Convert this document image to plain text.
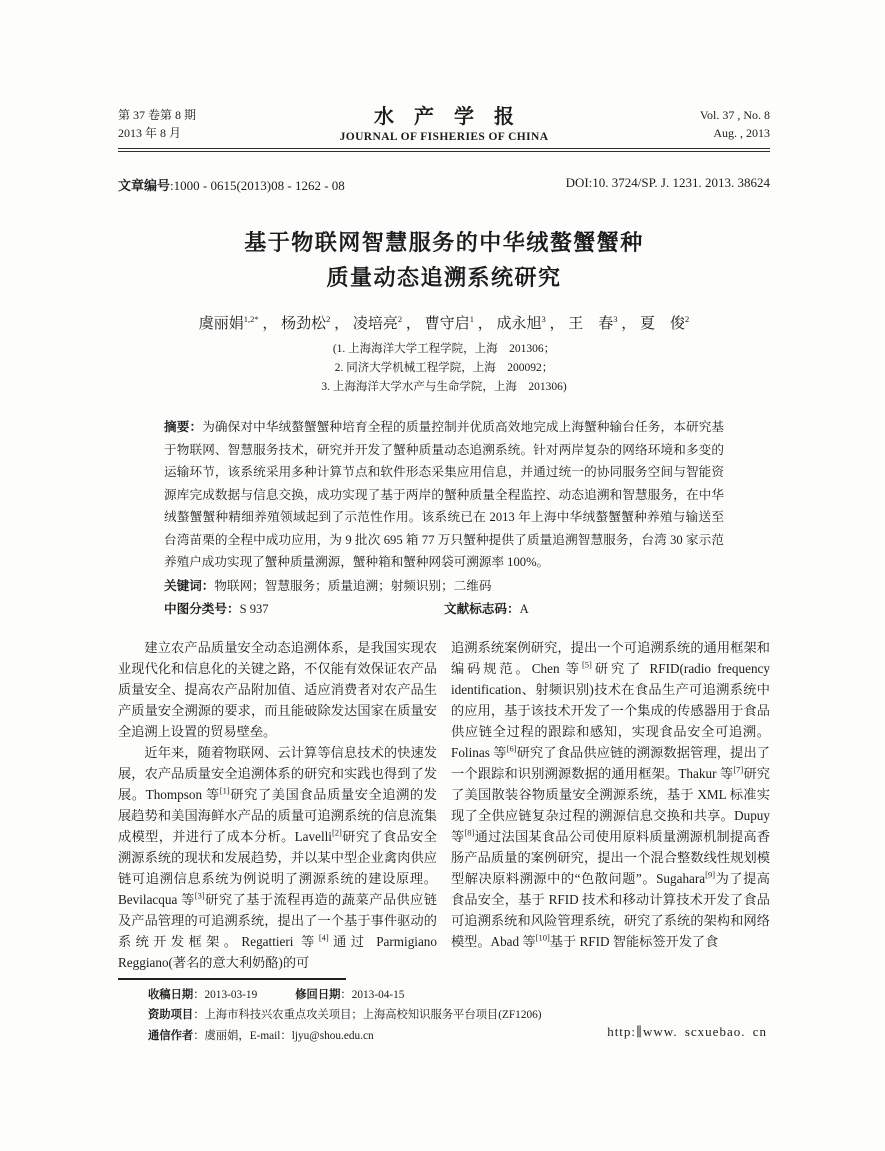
第 37 卷第 8 期
2013 年 8 月
水　产　学　报
JOURNAL OF FISHERIES OF CHINA
Vol. 37 , No. 8
Aug. , 2013
文章编号:1000 - 0615(2013)08 - 1262 - 08	DOI:10. 3724/SP. J. 1231. 2013. 38624
基于物联网智慧服务的中华绒螯蟹蟹种
质量动态追溯系统研究
虞丽娟$^{1,2*}$ ， 杨劲松$^2$ ， 凌培亮$^2$ ， 曹守启$^1$ ， 成永旭$^3$ ， 王　春$^3$ ， 夏　俊$^2$
(1. 上海海洋大学工程学院，上海　201306；
2. 同济大学机械工程学院，上海　200092；
3. 上海海洋大学水产与生命学院，上海　201306)
摘要：为确保对中华绒螯蟹蟹种培育全程的质量控制并优质高效地完成上海蟹种输台任务，本研究基于物联网、智慧服务技术，研究并开发了蟹种质量动态追溯系统。针对两岸复杂的网络环境和多变的运输环节，该系统采用多种计算节点和软件形态采集应用信息，并通过统一的协同服务空间与智能资源库完成数据与信息交换，成功实现了基于两岸的蟹种质量全程监控、动态追溯和智慧服务，在中华绒螯蟹蟹种精细养殖领域起到了示范性作用。该系统已在 2013 年上海中华绒螯蟹蟹种养殖与输送至台湾苗栗的全程中成功应用，为 9 批次 695 箱 77 万只蟹种提供了质量追溯智慧服务，台湾 30 家示范养殖户成功实现了蟹种质量溯源，蟹种箱和蟹种网袋可溯源率 100%。
关键词：物联网；智慧服务；质量追溯；射频识别；二维码
中图分类号：S 937	文献标志码：A

建立农产品质量安全动态追溯体系，是我国实现农业现代化和信息化的关键之路，不仅能有效保证农产品质量安全、提高农产品附加值、适应消费者对农产品生产质量安全溯源的要求，而且能破除发达国家在质量安全追溯上设置的贸易壁垒。

近年来，随着物联网、云计算等信息技术的快速发展，农产品质量安全追溯体系的研究和实践也得到了发展。Thompson 等[1]研究了美国食品质量安全追溯的发展趋势和美国海鲜水产品的质量可追溯系统的信息流集成模型，并进行了成本分析。Lavelli[2]研究了食品安全溯源系统的现状和发展趋势，并以某中型企业禽肉供应链可追溯信息系统为例说明了溯源系统的建设原理。Bevilacqua 等[3]研究了基于流程再造的蔬菜产品供应链及产品管理的可追溯系统，提出了一个基于事件驱动的系统开发框架。Regattieri 等[4]通过 Parmigiano Reggiano(著名的意大利奶酪)的可

追溯系统案例研究，提出一个可追溯系统的通用框架和编码规范。Chen 等[5]研究了 RFID(radio frequency identification、射频识别)技术在食品生产可追溯系统中的应用，基于该技术开发了一个集成的传感器用于食品供应链全过程的跟踪和感知，实现食品安全可追溯。Folinas 等[6]研究了食品供应链的溯源数据管理，提出了一个跟踪和识别溯源数据的通用框架。Thakur 等[7]研究了美国散装谷物质量安全溯源系统，基于 XML 标准实现了全供应链复杂过程的溯源信息交换和共享。Dupuy 等[8]通过法国某食品公司使用原料质量溯源机制提高香肠产品质量的案例研究，提出一个混合整数线性规划模型解决原料溯源中的“色散问题”。Sugahara[9]为了提高食品安全，基于 RFID 技术和移动计算技术开发了食品可追溯系统和风险管理系统，研究了系统的架构和网络模型。Abad 等[10]基于 RFID 智能标签开发了食

收稿日期：2013-03-19	修回日期：2013-04-15
资助项目：上海市科技兴农重点攻关项目；上海高校知识服务平台项目(ZF1206)
通信作者：虞丽娟，E-mail：ljyu@shou.edu.cn	http:∥www. scxuebao. cn
